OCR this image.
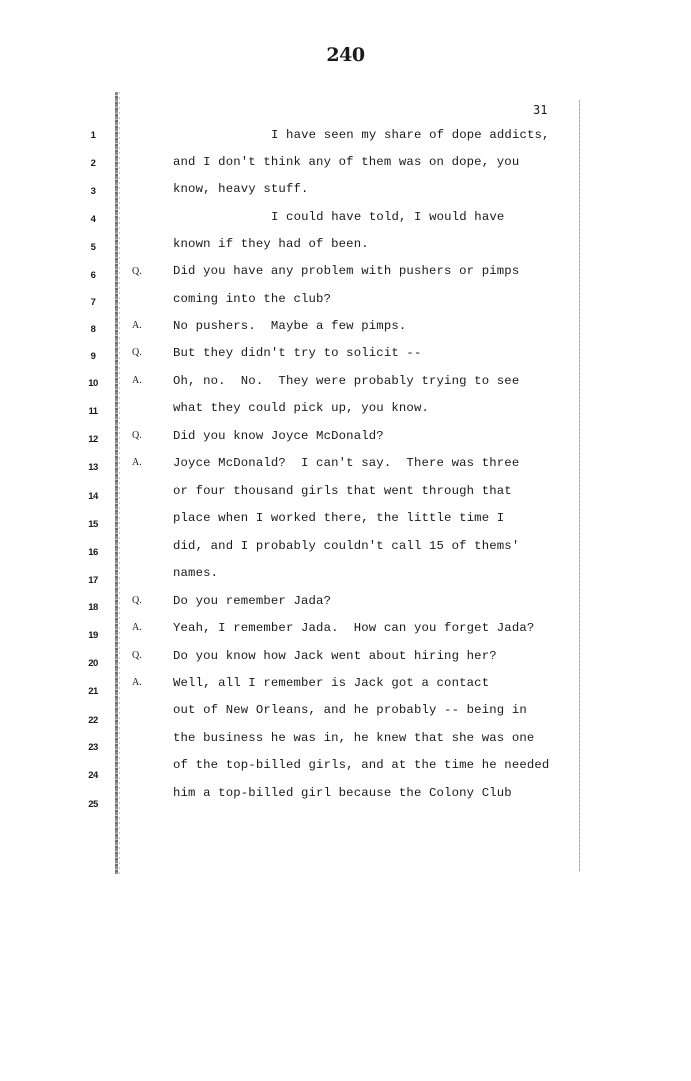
240
31
1
2
3
4
5
6
7
8
9
10
11
12
13
14
15
16
17
18
19
20
21
22
23
24
25
Q.
A.
Q.
A.
Q.
A.
Q.
A.
Q.
A.
I have seen my share of dope addicts,
and I don't think any of them was on dope, you
know, heavy stuff.
I could have told, I would have
known if they had of been.
Did you have any problem with pushers or pimps
coming into the club?
No pushers.  Maybe a few pimps.
But they didn't try to solicit --
Oh, no.  No.  They were probably trying to see
what they could pick up, you know.
Did you know Joyce McDonald?
Joyce McDonald?  I can't say.  There was three
or four thousand girls that went through that
place when I worked there, the little time I
did, and I probably couldn't call 15 of thems'
names.
Do you remember Jada?
Yeah, I remember Jada.  How can you forget Jada?
Do you know how Jack went about hiring her?
Well, all I remember is Jack got a contact
out of New Orleans, and he probably -- being in
the business he was in, he knew that she was one
of the top-billed girls, and at the time he needed
him a top-billed girl because the Colony Club
